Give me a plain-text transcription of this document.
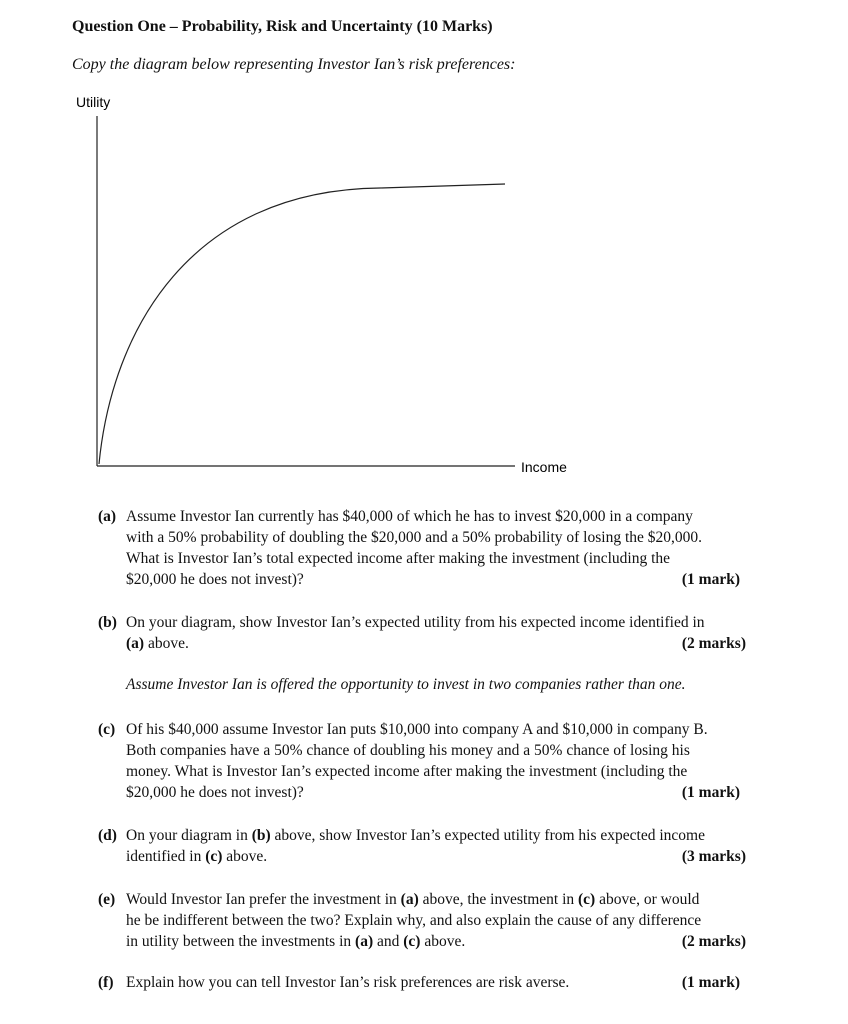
Question One – Probability, Risk and Uncertainty (10 Marks)
Copy the diagram below representing Investor Ian’s risk preferences:
Utility
Income
(a) Assume Investor Ian currently has $40,000 of which he has to invest $20,000 in a company
with a 50% probability of doubling the $20,000 and a 50% probability of losing the $20,000.
What is Investor Ian’s total expected income after making the investment (including the
(1 mark)
$20,000 he does not invest)?
(b) On your diagram, show Investor Ian’s expected utility from his expected income identified in
(2 marks)
(a) above.
Assume Investor Ian is offered the opportunity to invest in two companies rather than one.
(c) Of his $40,000 assume Investor Ian puts $10,000 into company A and $10,000 in company B.
Both companies have a 50% chance of doubling his money and a 50% chance of losing his
money. What is Investor Ian’s expected income after making the investment (including the
(1 mark)
$20,000 he does not invest)?
(d) On your diagram in (b) above, show Investor Ian’s expected utility from his expected income
(3 marks)
identified in (c) above.
(e) Would Investor Ian prefer the investment in (a) above, the investment in (c) above, or would
he be indifferent between the two? Explain why, and also explain the cause of any difference
(2 marks)
in utility between the investments in (a) and (c) above.
(f)	(1 mark)
Explain how you can tell Investor Ian’s risk preferences are risk averse.
